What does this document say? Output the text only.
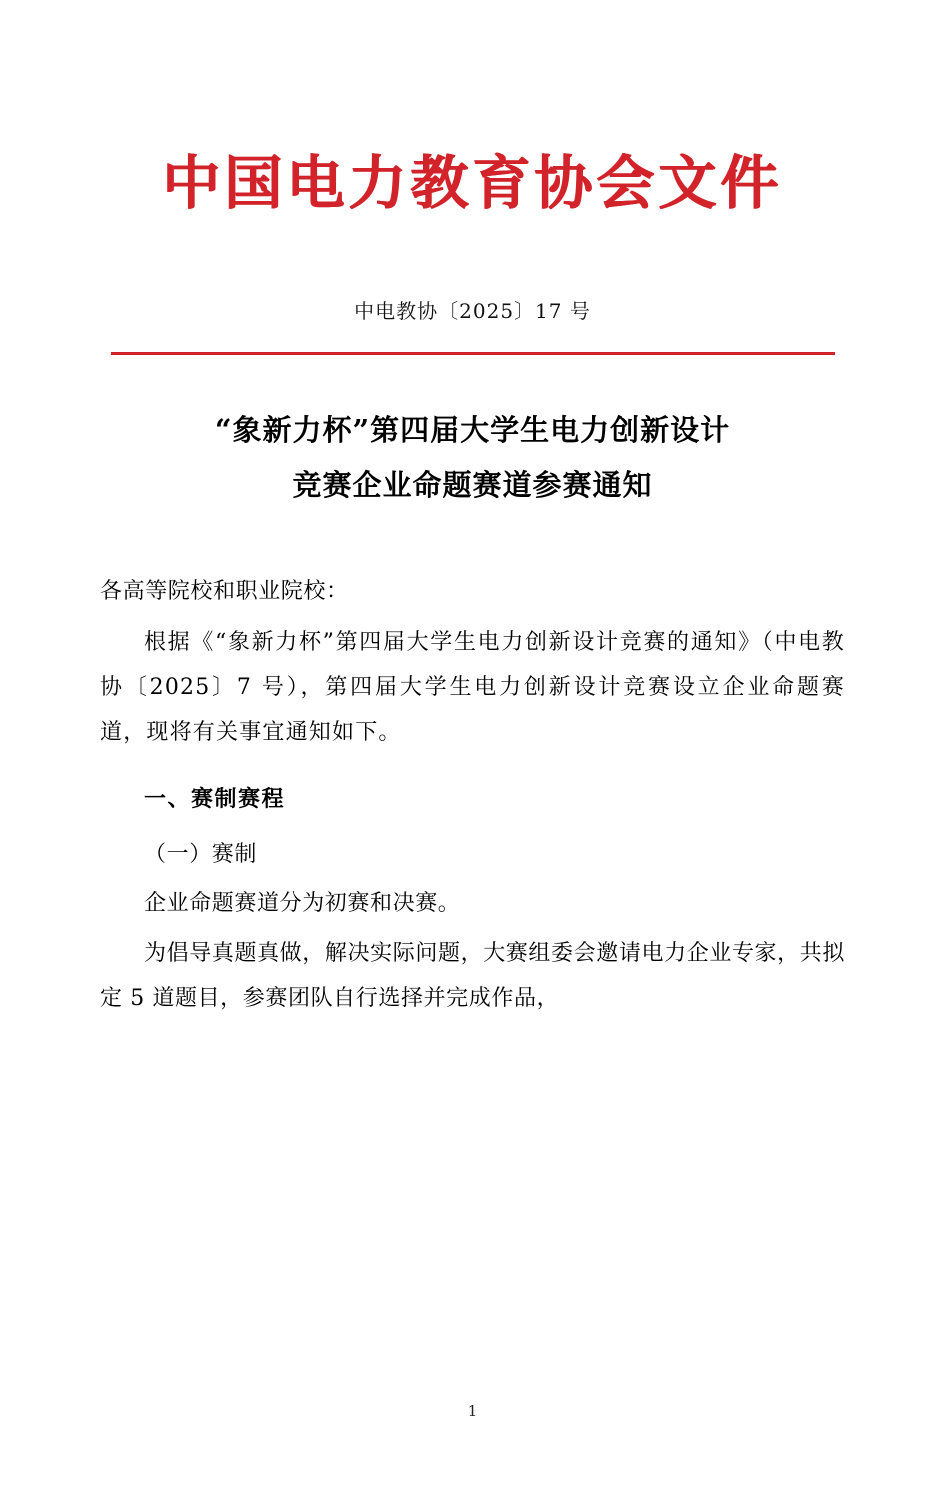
中国电力教育协会文件
中电教协〔2025〕17 号
“象新力杯”第四届大学生电力创新设计
竞赛企业命题赛道参赛通知
各高等院校和职业院校：

根据《“象新力杯”第四届大学生电力创新设计竞赛的通知》（中电教协〔2025〕7 号），第四届大学生电力创新设计竞赛设立企业命题赛道，现将有关事宜通知如下。

一、赛制赛程

（一）赛制

企业命题赛道分为初赛和决赛。

为倡导真题真做，解决实际问题，大赛组委会邀请电力企业专家，共拟定 5 道题目，参赛团队自行选择并完成作品，

1
